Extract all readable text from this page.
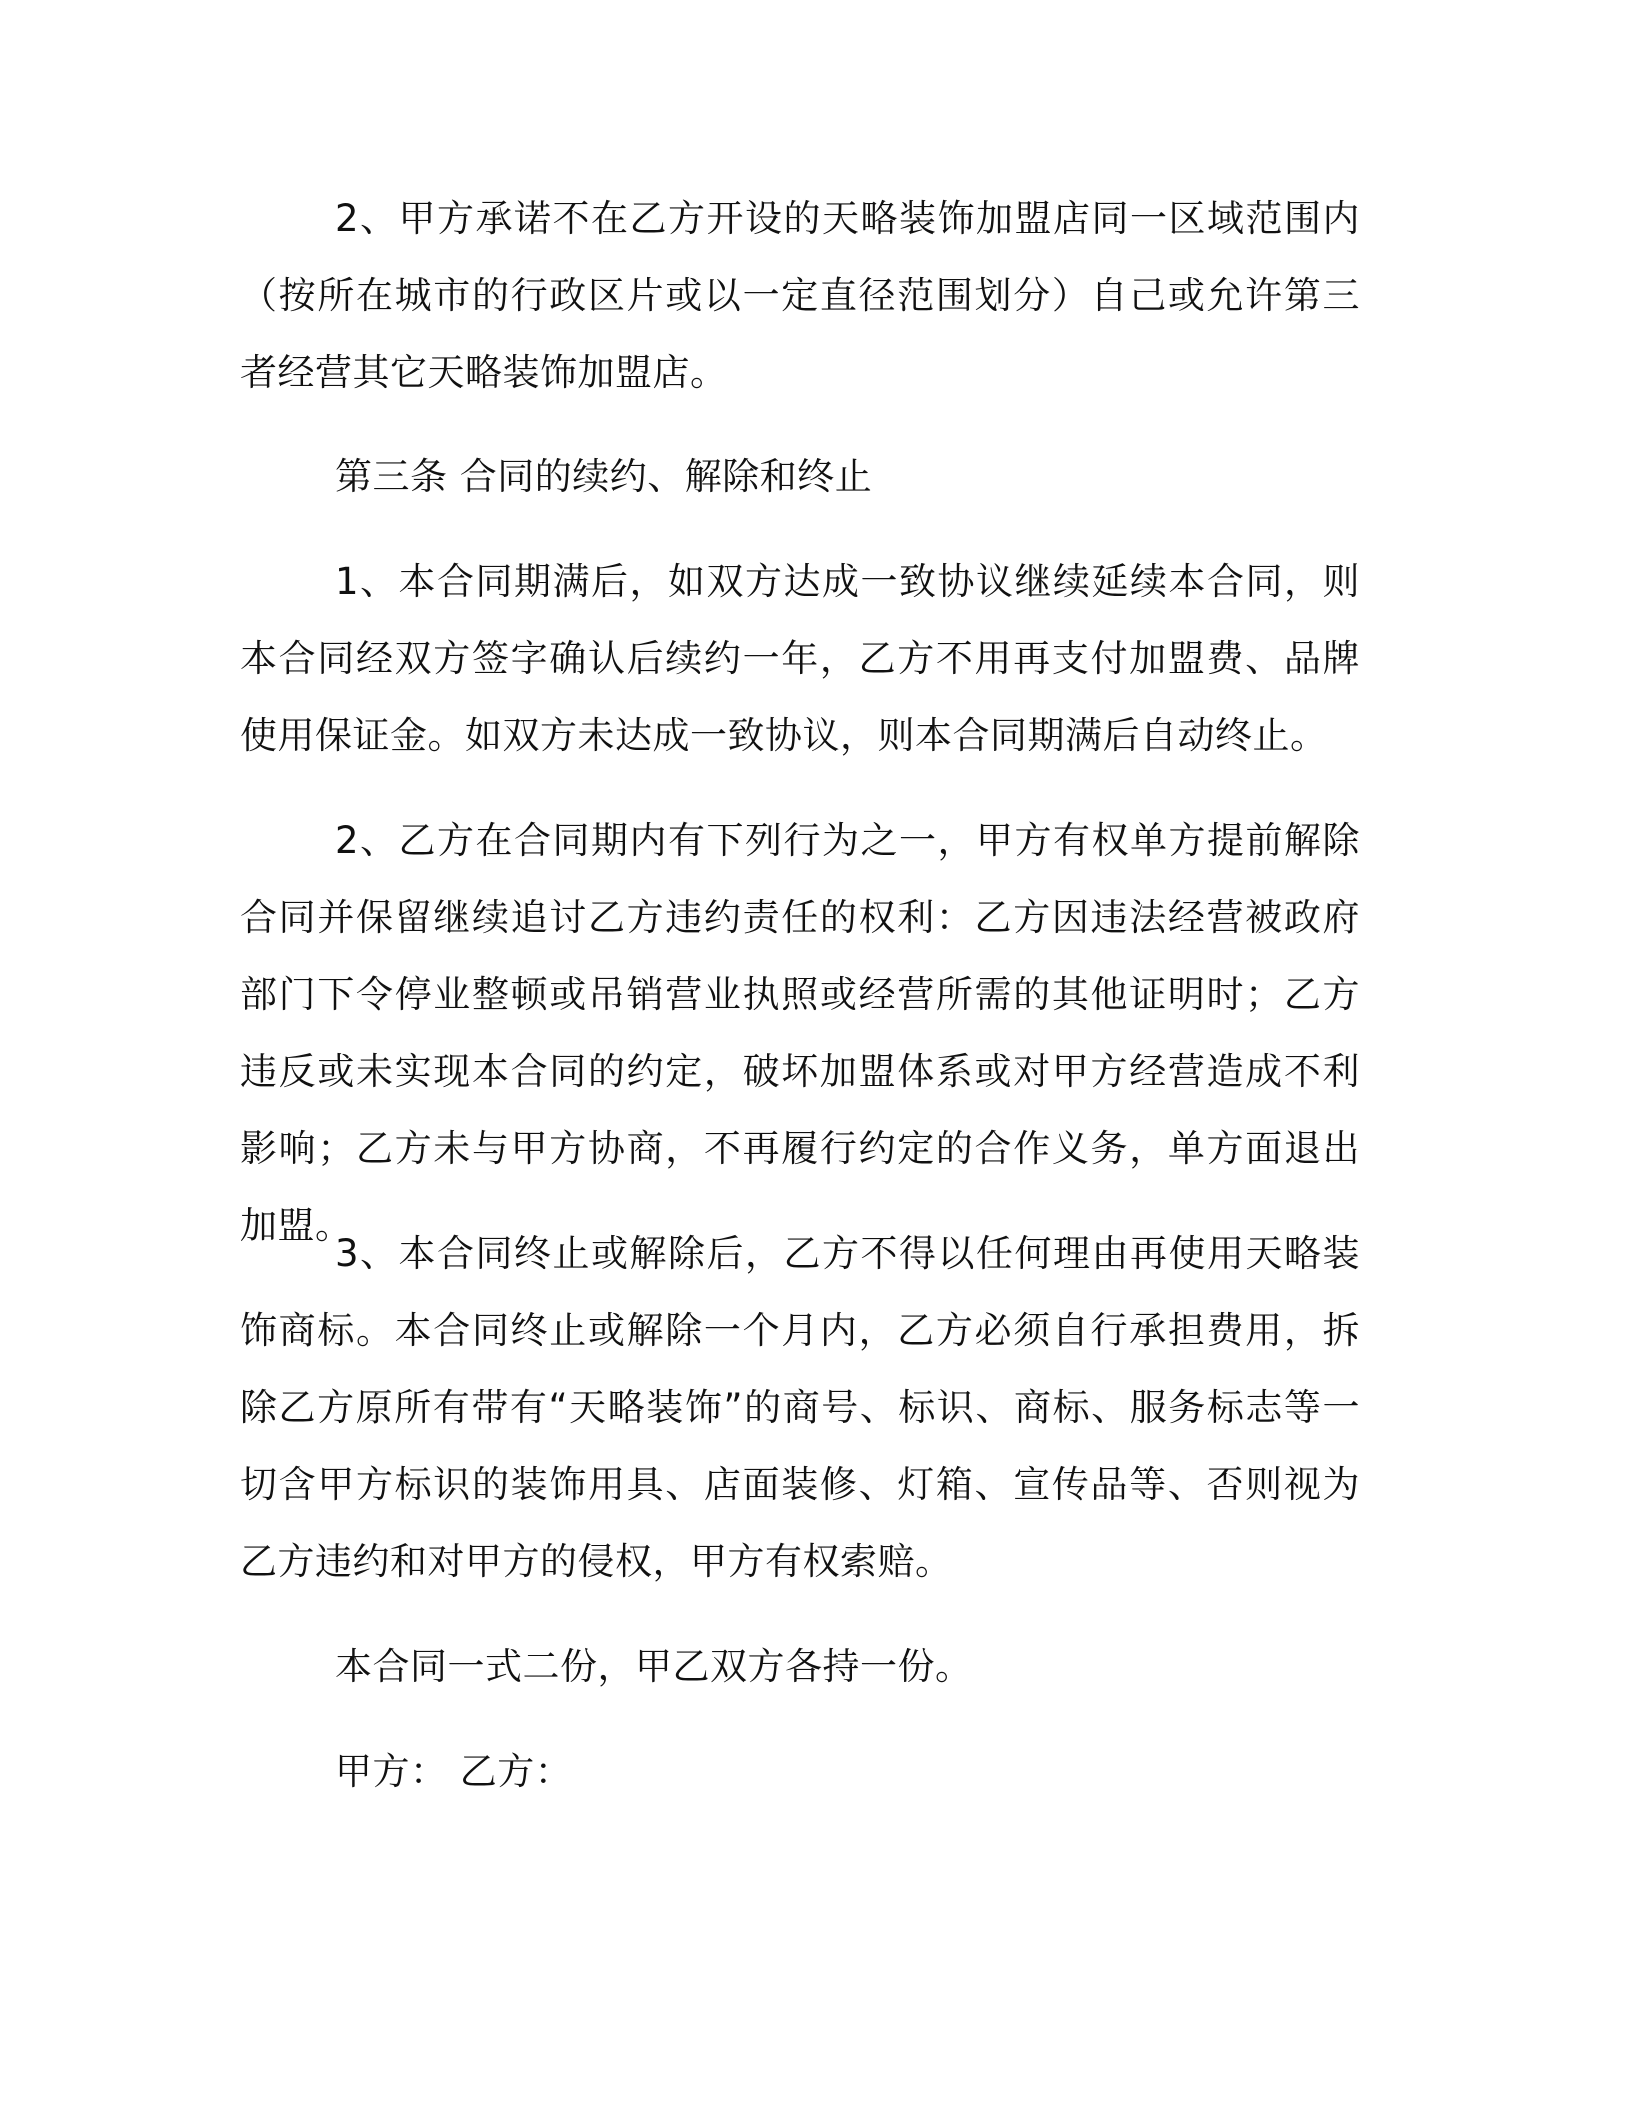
2、甲方承诺不在乙方开设的天略装饰加盟店同一区域范围内（按所在城市的行政区片或以一定直径范围划分）自己或允许第三者经营其它天略装饰加盟店。

第三条 合同的续约、解除和终止

1、本合同期满后，如双方达成一致协议继续延续本合同，则本合同经双方签字确认后续约一年，乙方不用再支付加盟费、品牌使用保证金。如双方未达成一致协议，则本合同期满后自动终止。

2、乙方在合同期内有下列行为之一，甲方有权单方提前解除合同并保留继续追讨乙方违约责任的权利：乙方因违法经营被政府部门下令停业整顿或吊销营业执照或经营所需的其他证明时；乙方违反或未实现本合同的约定，破坏加盟体系或对甲方经营造成不利影响；乙方未与甲方协商，不再履行约定的合作义务，单方面退出加盟。

3、本合同终止或解除后，乙方不得以任何理由再使用天略装饰商标。本合同终止或解除一个月内，乙方必须自行承担费用，拆除乙方原所有带有“天略装饰”的商号、标识、商标、服务标志等一切含甲方标识的装饰用具、店面装修、灯箱、宣传品等、否则视为乙方违约和对甲方的侵权，甲方有权索赔。

本合同一式二份，甲乙双方各持一份。

甲方： 乙方：
